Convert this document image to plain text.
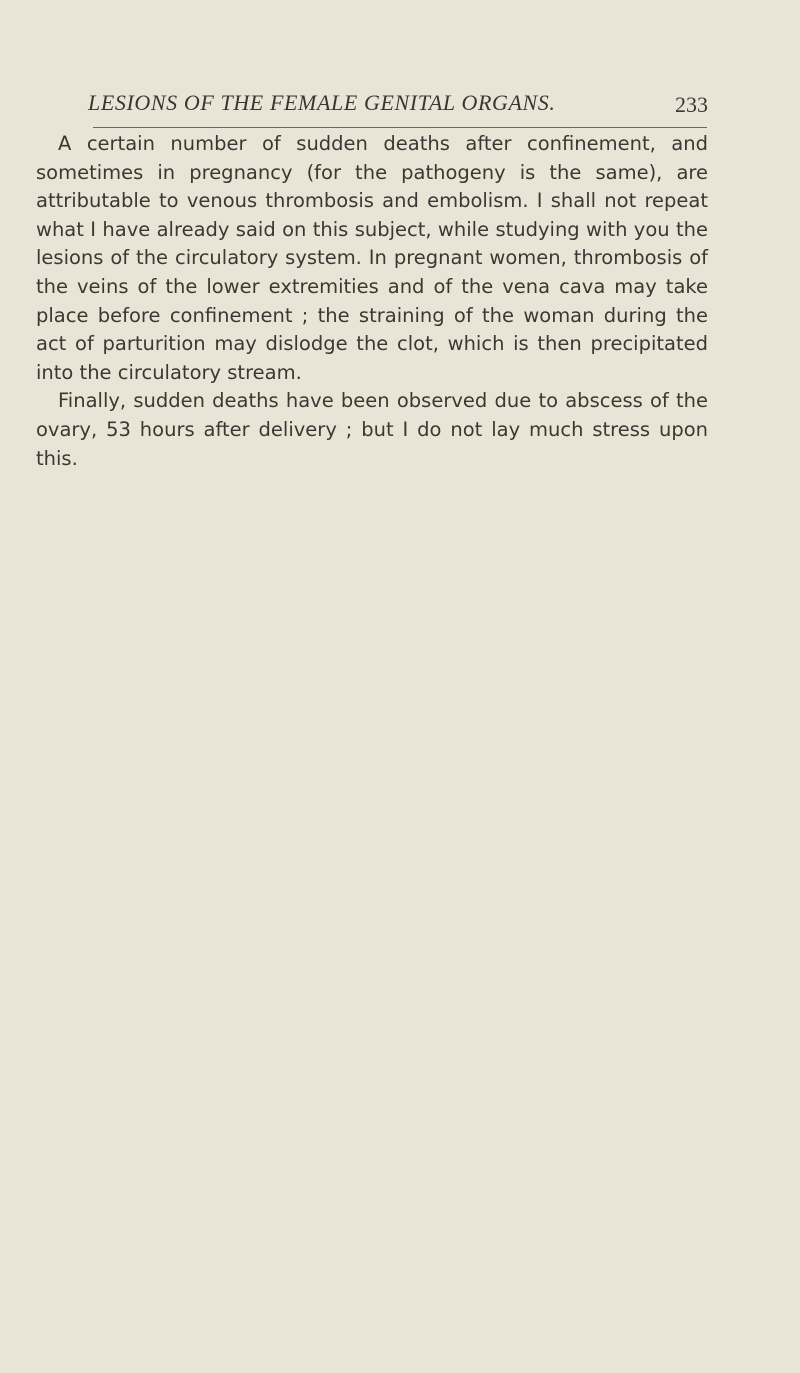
LESIONS OF THE FEMALE GENITAL ORGANS.	233

A certain number of sudden deaths after confinement, and sometimes in pregnancy (for the pathogeny is the same), are attributable to venous thrombosis and embolism. I shall not repeat what I have already said on this subject, while studying with you the lesions of the circulatory system. In pregnant women, thrombosis of the veins of the lower extremities and of the vena cava may take place before confinement ; the straining of the woman during the act of parturition may dislodge the clot, which is then precipitated into the circulatory stream.

Finally, sudden deaths have been observed due to abscess of the ovary, 53 hours after delivery ; but I do not lay much stress upon this.
